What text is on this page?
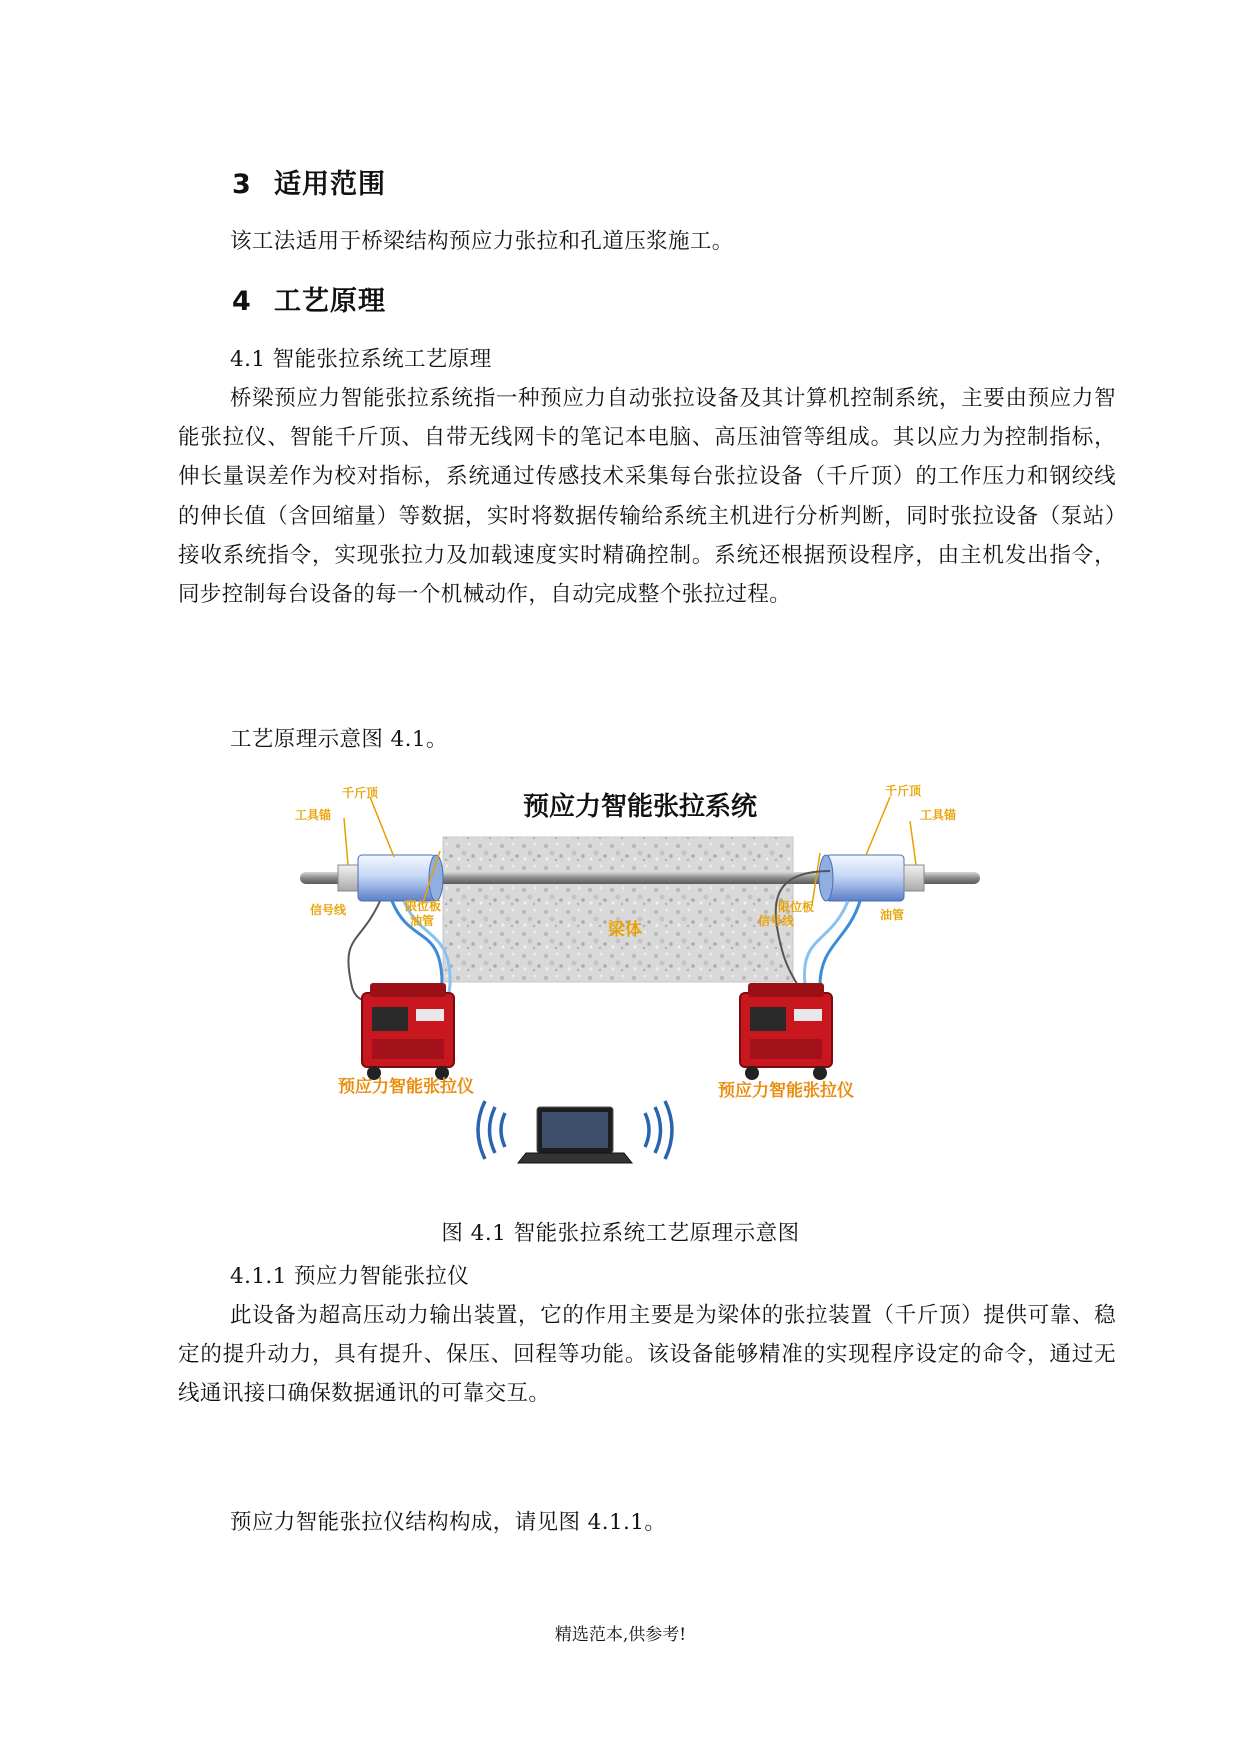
3 适用范围
该工法适用于桥梁结构预应力张拉和孔道压浆施工。
4 工艺原理
4.1 智能张拉系统工艺原理
桥梁预应力智能张拉系统指一种预应力自动张拉设备及其计算机控制系统，主要由预应力智能张拉仪、智能千斤顶、自带无线网卡的笔记本电脑、高压油管等组成。其以应力为控制指标，伸长量误差作为校对指标，系统通过传感技术采集每台张拉设备（千斤顶）的工作压力和钢绞线的伸长值（含回缩量）等数据，实时将数据传输给系统主机进行分析判断，同时张拉设备（泵站）接收系统指令，实现张拉力及加载速度实时精确控制。系统还根据预设程序，由主机发出指令，同步控制每台设备的每一个机械动作，自动完成整个张拉过程。
工艺原理示意图 4.1。
预应力智能张拉系统
千斤顶
工具锚
信号线	限位板
油管
千斤顶
工具锚
限位板
信号线	油管
梁体
预应力智能张拉仪	预应力智能张拉仪
图 4.1 智能张拉系统工艺原理示意图
4.1.1 预应力智能张拉仪
此设备为超高压动力输出装置，它的作用主要是为梁体的张拉装置（千斤顶）提供可靠、稳定的提升动力，具有提升、保压、回程等功能。该设备能够精准的实现程序设定的命令，通过无线通讯接口确保数据通讯的可靠交互。
预应力智能张拉仪结构构成，请见图 4.1.1。
精选范本,供参考!
